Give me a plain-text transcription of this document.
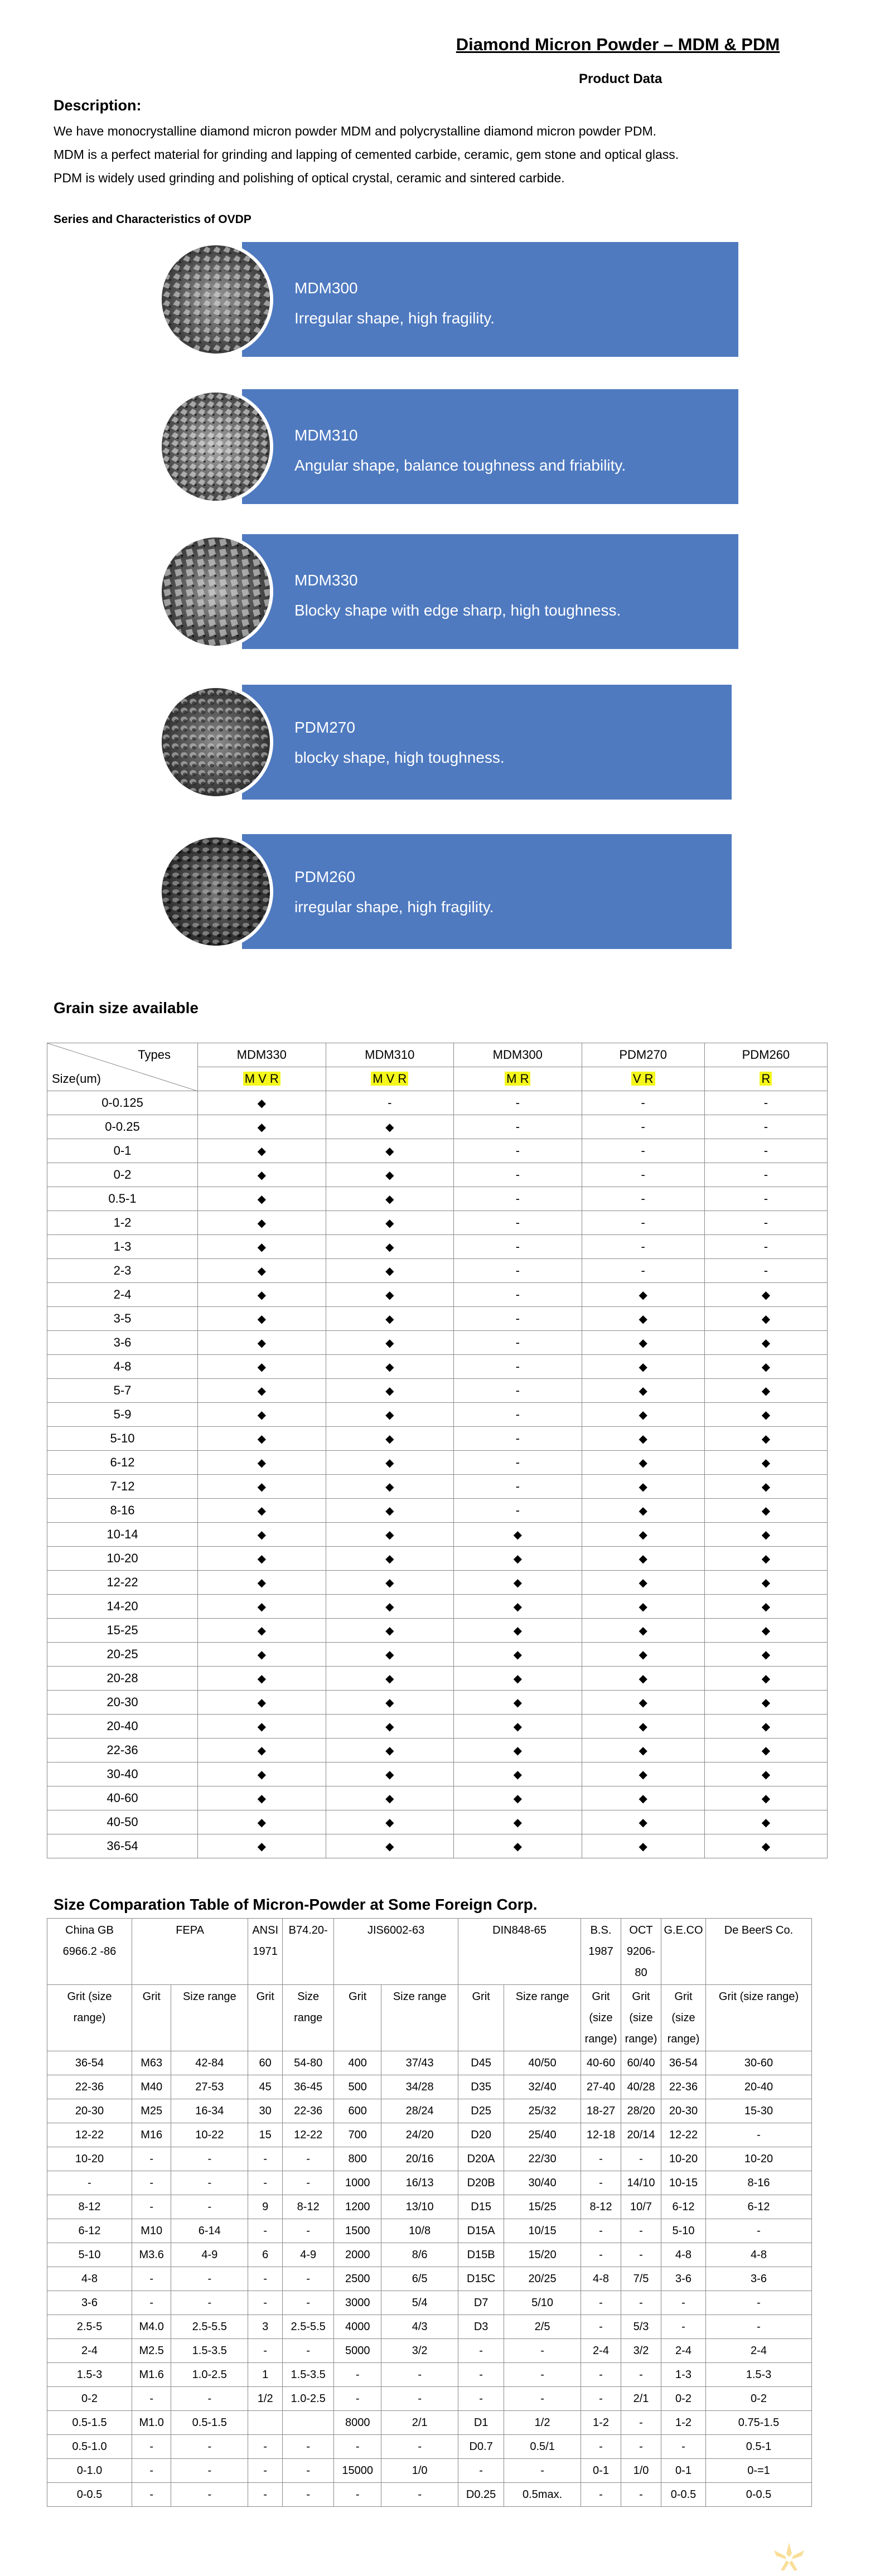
Diamond Micron Powder – MDM & PDM
Product Data
Description:
We have monocrystalline diamond micron powder MDM and polycrystalline diamond micron powder PDM.
MDM is a perfect material for grinding and lapping of cemented carbide, ceramic, gem stone and optical glass.
PDM is widely used grinding and polishing of optical crystal, ceramic and sintered carbide.
Series and Characteristics of OVDP
MDM300
Irregular shape, high fragility.
MDM310
Angular shape, balance toughness and friability.
MDM330
Blocky shape with edge sharp, high toughness.
PDM270
blocky shape, high toughness.
PDM260
irregular shape, high fragility.
Grain size available
Types
Size(um)	MDM330	MDM310	MDM300	PDM270	PDM260
	M V R	M V R	M R	V R	R
0-0.125	◆	-	-	-	-
0-0.25	◆	◆	-	-	-
0-1	◆	◆	-	-	-
0-2	◆	◆	-	-	-
0.5-1	◆	◆	-	-	-
1-2	◆	◆	-	-	-
1-3	◆	◆	-	-	-
2-3	◆	◆	-	-	-
2-4	◆	◆	-	◆	◆
3-5	◆	◆	-	◆	◆
3-6	◆	◆	-	◆	◆
4-8	◆	◆	-	◆	◆
5-7	◆	◆	-	◆	◆
5-9	◆	◆	-	◆	◆
5-10	◆	◆	-	◆	◆
6-12	◆	◆	-	◆	◆
7-12	◆	◆	-	◆	◆
8-16	◆	◆	-	◆	◆
10-14	◆	◆	◆	◆	◆
10-20	◆	◆	◆	◆	◆
12-22	◆	◆	◆	◆	◆
14-20	◆	◆	◆	◆	◆
15-25	◆	◆	◆	◆	◆
20-25	◆	◆	◆	◆	◆
20-28	◆	◆	◆	◆	◆
20-30	◆	◆	◆	◆	◆
20-40	◆	◆	◆	◆	◆
22-36	◆	◆	◆	◆	◆
30-40	◆	◆	◆	◆	◆
40-60	◆	◆	◆	◆	◆
40-50	◆	◆	◆	◆	◆
36-54	◆	◆	◆	◆	◆
Size Comparation Table of Micron-Powder at Some Foreign Corp.
China GB 6966.2 -86	FEPA		ANSI 1971	B74.20-	JIS6002-63		DIN848-65		B.S. 1987	OCT 9206-80	G.E.CO	De BeerS Co.
Grit (size range)	Grit	Size range	Grit	Size range	Grit	Size range	Grit	Size range	Grit (size range)	Grit (size range)	Grit (size range)	Grit (size range)
36-54	M63	42-84	60	54-80	400	37/43	D45	40/50	40-60	60/40	36-54	30-60
22-36	M40	27-53	45	36-45	500	34/28	D35	32/40	27-40	40/28	22-36	20-40
20-30	M25	16-34	30	22-36	600	28/24	D25	25/32	18-27	28/20	20-30	15-30
12-22	M16	10-22	15	12-22	700	24/20	D20	25/40	12-18	20/14	12-22	-
10-20	-	-	-	-	800	20/16	D20A	22/30	-	-	10-20	10-20
-	-	-	-	-	1000	16/13	D20B	30/40	-	14/10	10-15	8-16
8-12	-	-	9	8-12	1200	13/10	D15	15/25	8-12	10/7	6-12	6-12
6-12	M10	6-14	-	-	1500	10/8	D15A	10/15	-	-	5-10	-
5-10	M3.6	4-9	6	4-9	2000	8/6	D15B	15/20	-	-	4-8	4-8
4-8	-	-	-	-	2500	6/5	D15C	20/25	4-8	7/5	3-6	3-6
3-6	-	-	-	-	3000	5/4	D7	5/10	-	-	-	-
2.5-5	M4.0	2.5-5.5	3	2.5-5.5	4000	4/3	D3	2/5	-	5/3	-	-
2-4	M2.5	1.5-3.5	-	-	5000	3/2	-	-	2-4	3/2	2-4	2-4
1.5-3	M1.6	1.0-2.5	1	1.5-3.5	-	-	-	-	-	-	1-3	1.5-3
0-2	-	-	1/2	1.0-2.5	-	-	-	-	-	2/1	0-2	0-2
0.5-1.5	M1.0	0.5-1.5			8000	2/1	D1	1/2	1-2	-	1-2	0.75-1.5
0.5-1.0	-	-	-	-	-	-	D0.7	0.5/1	-	-	-	0.5-1
0-1.0	-	-	-	-	15000	1/0	-	-	0-1	1/0	0-1	0-=1
0-0.5	-	-	-	-	-	-	D0.25	0.5max.	-	-	0-0.5	0-0.5
